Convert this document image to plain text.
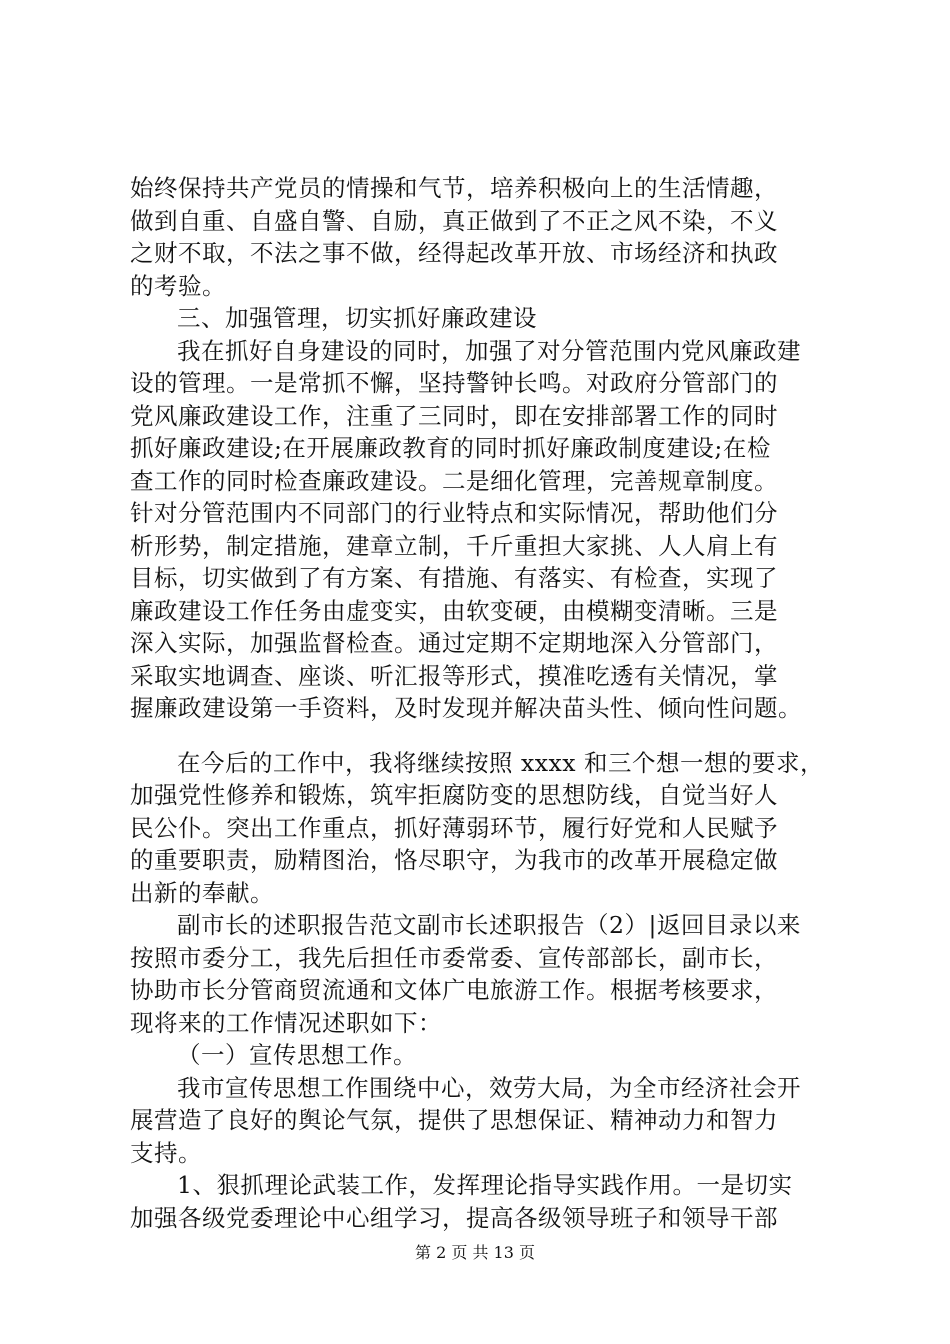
始终保持共产党员的情操和气节，培养积极向上的生活情趣，
做到自重、自盛自警、自励，真正做到了不正之风不染，不义
之财不取，不法之事不做，经得起改革开放、市场经济和执政
的考验。
三、加强管理，切实抓好廉政建设
我在抓好自身建设的同时，加强了对分管范围内党风廉政建
设的管理。一是常抓不懈，坚持警钟长鸣。对政府分管部门的
党风廉政建设工作，注重了三同时，即在安排部署工作的同时
抓好廉政建设;在开展廉政教育的同时抓好廉政制度建设;在检
查工作的同时检查廉政建设。二是细化管理，完善规章制度。
针对分管范围内不同部门的行业特点和实际情况，帮助他们分
析形势，制定措施，建章立制，千斤重担大家挑、人人肩上有
目标，切实做到了有方案、有措施、有落实、有检查，实现了
廉政建设工作任务由虚变实，由软变硬，由模糊变清晰。三是
深入实际，加强监督检查。通过定期不定期地深入分管部门，
采取实地调查、座谈、听汇报等形式，摸准吃透有关情况，掌
握廉政建设第一手资料，及时发现并解决苗头性、倾向性问题。
在今后的工作中，我将继续按照 xxxx 和三个想一想的要求，
加强党性修养和锻炼，筑牢拒腐防变的思想防线，自觉当好人
民公仆。突出工作重点，抓好薄弱环节，履行好党和人民赋予
的重要职责，励精图治，恪尽职守，为我市的改革开展稳定做
出新的奉献。
副市长的述职报告范文副市长述职报告（2）|返回目录以来
按照市委分工，我先后担任市委常委、宣传部部长，副市长，
协助市长分管商贸流通和文体广电旅游工作。根据考核要求，
现将来的工作情况述职如下：
（一）宣传思想工作。
我市宣传思想工作围绕中心，效劳大局，为全市经济社会开
展营造了良好的舆论气氛，提供了思想保证、精神动力和智力
支持。
1、狠抓理论武装工作，发挥理论指导实践作用。一是切实
加强各级党委理论中心组学习，提高各级领导班子和领导干部
第 2 页 共 13 页
